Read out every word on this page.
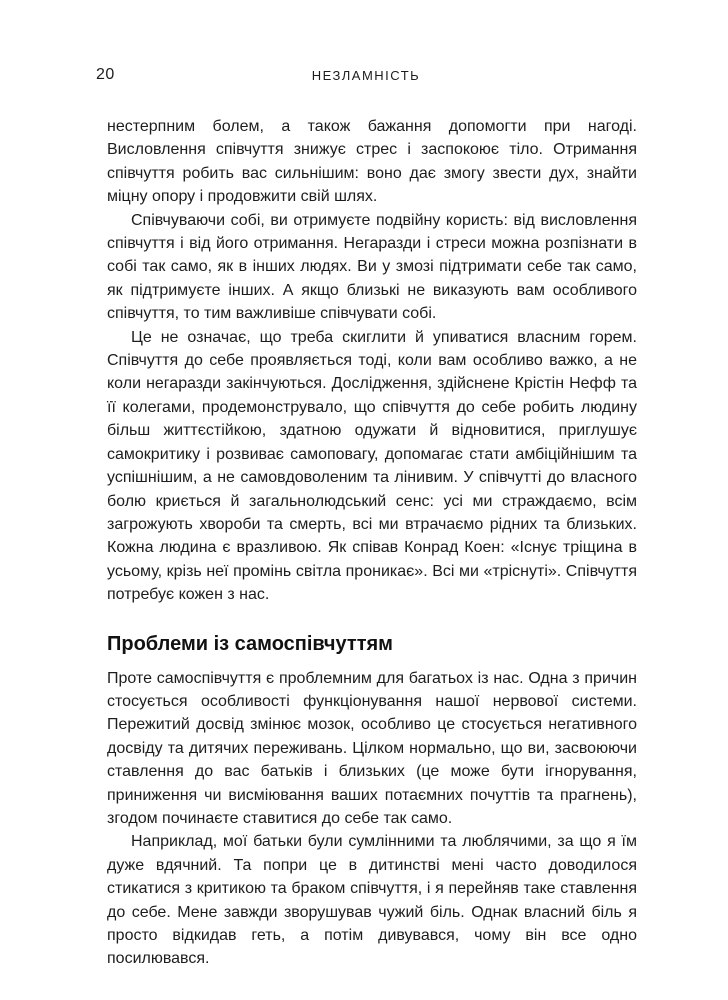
20	НЕЗЛАМНІСТЬ

нестерпним болем, а також бажання допомогти при нагоді. Висловлення співчуття знижує стрес і заспокоює тіло. Отримання співчуття робить вас сильнішим: воно дає змогу звести дух, знайти міцну опору і продовжити свій шлях.

Співчуваючи собі, ви отримуєте подвійну користь: від висловлення співчуття і від його отримання. Негаразди і стреси можна розпізнати в собі так само, як в інших людях. Ви у змозі підтримати себе так само, як підтримуєте інших. А якщо близькі не виказують вам особливого співчуття, то тим важливіше співчувати собі.

Це не означає, що треба скиглити й упиватися власним горем. Співчуття до себе проявляється тоді, коли вам особливо важко, а не коли негаразди закінчуються. Дослідження, здійснене Крістін Нефф та її колегами, продемонструвало, що співчуття до себе робить людину більш життєстійкою, здатною одужати й відновитися, приглушує самокритику і розвиває самоповагу, допомагає стати амбіційнішим та успішнішим, а не самовдоволеним та лінивим. У співчутті до власного болю криється й загальнолюдський сенс: усі ми страждаємо, всім загрожують хвороби та смерть, всі ми втрачаємо рідних та близьких. Кожна людина є вразливою. Як співав Конрад Коен: «Існує тріщина в усьому, крізь неї промінь світла проникає». Всі ми «тріснуті». Співчуття потребує кожен з нас.

Проблеми із самоспівчуттям

Проте самоспівчуття є проблемним для багатьох із нас. Одна з причин стосується особливості функціонування нашої нервової системи. Пережитий досвід змінює мозок, особливо це стосується негативного досвіду та дитячих переживань. Цілком нормально, що ви, засвоюючи ставлення до вас батьків і близьких (це може бути ігнорування, приниження чи висміювання ваших потаємних почуттів та прагнень), згодом починаєте ставитися до себе так само.

Наприклад, мої батьки були сумлінними та люблячими, за що я їм дуже вдячний. Та попри це в дитинстві мені часто доводилося стикатися з критикою та браком співчуття, і я перейняв таке ставлення до себе. Мене завжди зворушував чужий біль. Однак власний біль я просто відкидав геть, а потім дивувався, чому він все одно посилювався.
